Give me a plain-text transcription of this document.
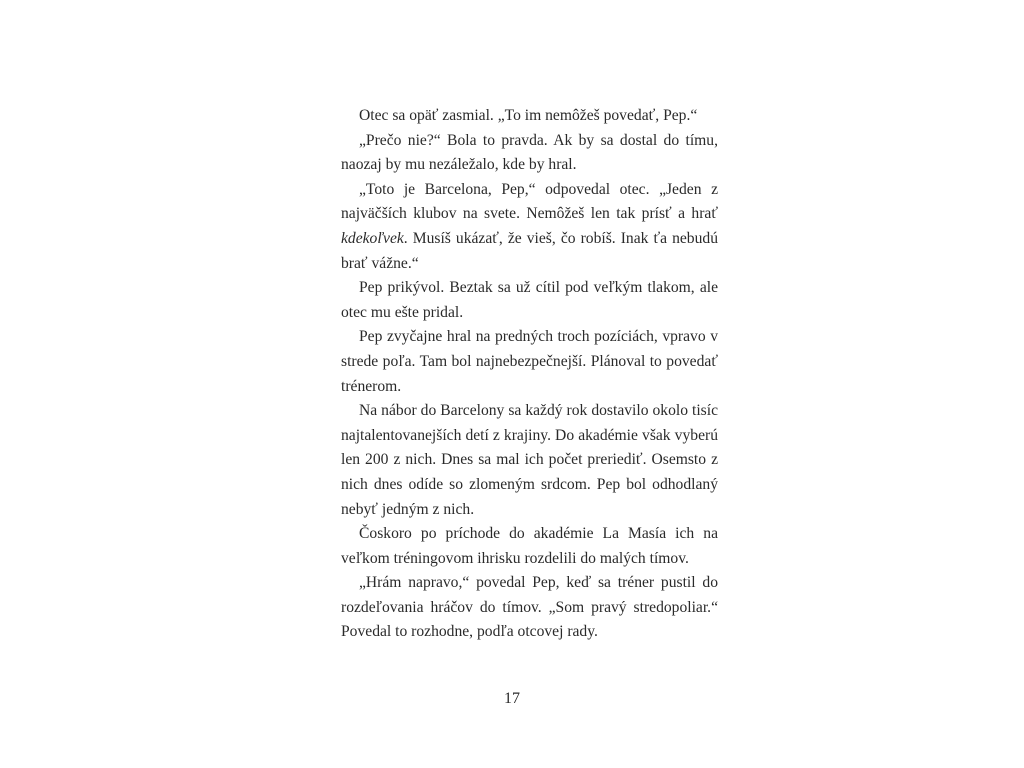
Otec sa opäť zasmial. „To im nemôžeš povedať, Pep.“

„Prečo nie?“ Bola to pravda. Ak by sa dostal do tímu, naozaj by mu nezáležalo, kde by hral.

„Toto je Barcelona, Pep,“ odpovedal otec. „Jeden z najväčších klubov na svete. Nemôžeš len tak prísť a hrať kdekoľvek. Musíš ukázať, že vieš, čo robíš. Inak ťa nebudú brať vážne.“

Pep prikývol. Beztak sa už cítil pod veľkým tlakom, ale otec mu ešte pridal.

Pep zvyčajne hral na predných troch pozíciách, vpravo v strede poľa. Tam bol najnebezpečnejší. Plánoval to povedať trénerom.

Na nábor do Barcelony sa každý rok dostavilo okolo tisíc najtalentovanejších detí z krajiny. Do akadémie však vyberú len 200 z nich. Dnes sa mal ich počet preriediť. Osemsto z nich dnes odíde so zlomeným srdcom. Pep bol odhodlaný nebyť jedným z nich.

Čoskoro po príchode do akadémie La Masía ich na veľkom tréningovom ihrisku rozdelili do malých tímov.

„Hrám napravo,“ povedal Pep, keď sa tréner pustil do rozdeľovania hráčov do tímov. „Som pravý stredopoliar.“ Povedal to rozhodne, podľa otcovej rady.

17
